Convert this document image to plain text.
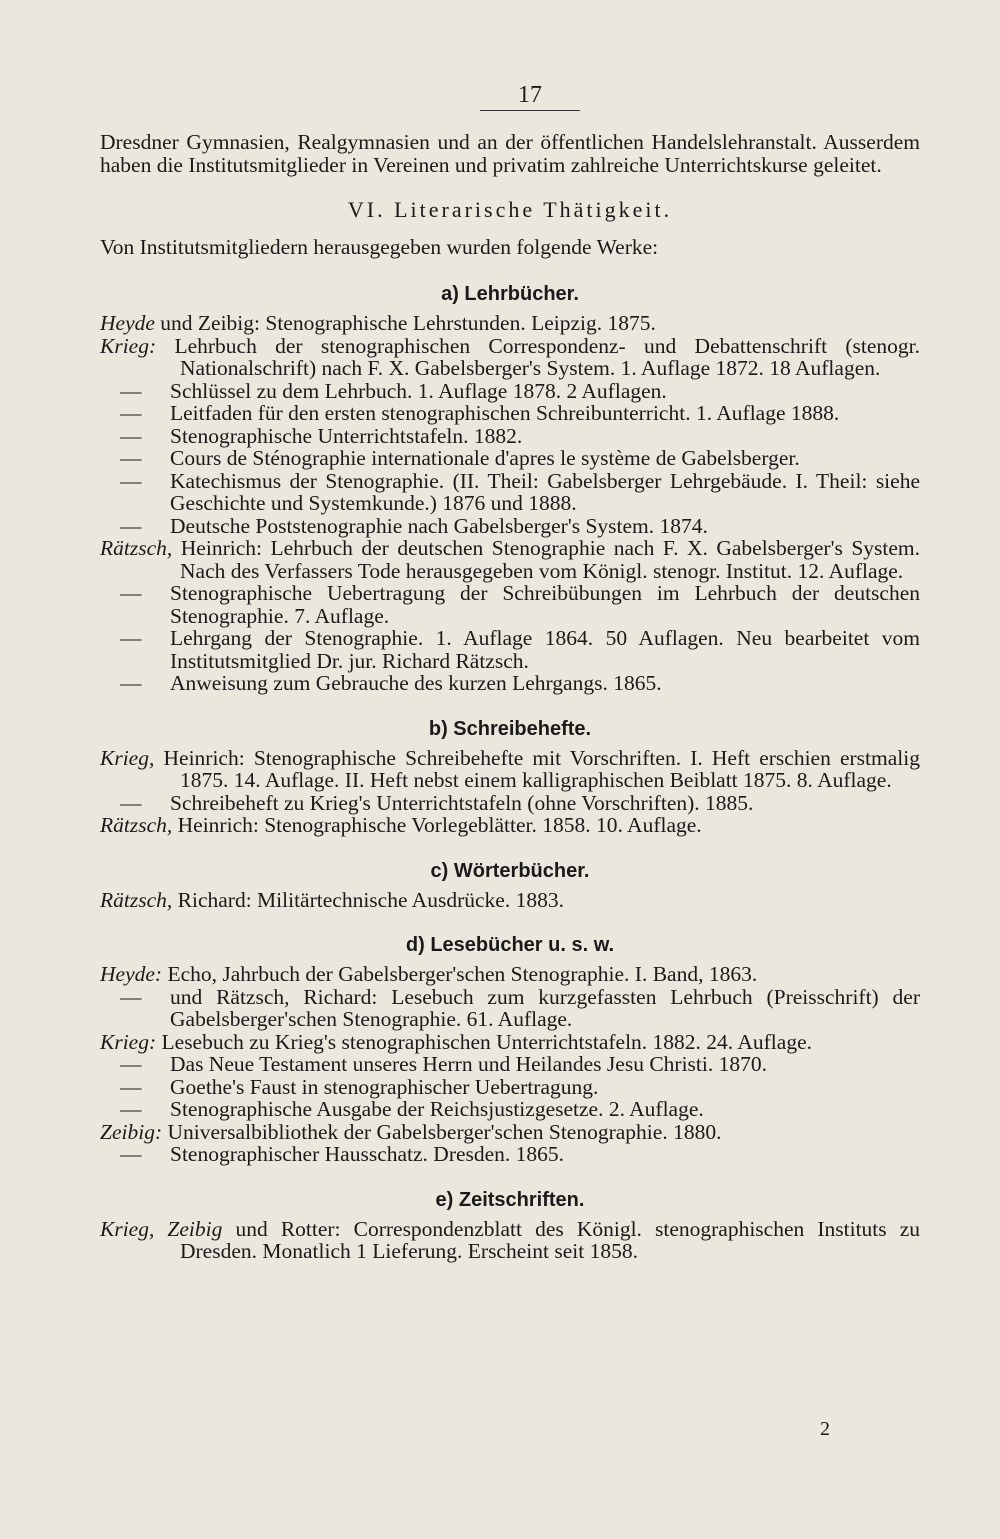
17
Dresdner Gymnasien, Realgymnasien und an der öffentlichen Handelslehranstalt. Ausserdem haben die Institutsmitglieder in Vereinen und privatim zahlreiche Unterrichtskurse geleitet.
VI. Literarische Thätigkeit.
Von Institutsmitgliedern herausgegeben wurden folgende Werke:
a) Lehrbücher.
Heyde und Zeibig: Stenographische Lehrstunden. Leipzig. 1875.
Krieg: Lehrbuch der stenographischen Correspondenz- und Debattenschrift (stenogr. Nationalschrift) nach F. X. Gabelsberger's System. 1. Auflage 1872. 18 Auflagen.
— Schlüssel zu dem Lehrbuch. 1. Auflage 1878. 2 Auflagen.
— Leitfaden für den ersten stenographischen Schreibunterricht. 1. Auflage 1888.
— Stenographische Unterrichtstafeln. 1882.
— Cours de Sténographie internationale d'apres le système de Gabelsberger.
— Katechismus der Stenographie. (II. Theil: Gabelsberger Lehrgebäude. I. Theil: siehe Geschichte und Systemkunde.) 1876 und 1888.
— Deutsche Poststenographie nach Gabelsberger's System. 1874.
Rätzsch, Heinrich: Lehrbuch der deutschen Stenographie nach F. X. Gabelsberger's System. Nach des Verfassers Tode herausgegeben vom Königl. stenogr. Institut. 12. Auflage.
— Stenographische Uebertragung der Schreibübungen im Lehrbuch der deutschen Stenographie. 7. Auflage.
— Lehrgang der Stenographie. 1. Auflage 1864. 50 Auflagen. Neu bearbeitet vom Institutsmitglied Dr. jur. Richard Rätzsch.
— Anweisung zum Gebrauche des kurzen Lehrgangs. 1865.
b) Schreibehefte.
Krieg, Heinrich: Stenographische Schreibehefte mit Vorschriften. I. Heft erschien erstmalig 1875. 14. Auflage. II. Heft nebst einem kalligraphischen Beiblatt 1875. 8. Auflage.
— Schreibeheft zu Krieg's Unterrichtstafeln (ohne Vorschriften). 1885.
Rätzsch, Heinrich: Stenographische Vorlegeblätter. 1858. 10. Auflage.
c) Wörterbücher.
Rätzsch, Richard: Militärtechnische Ausdrücke. 1883.
d) Lesebücher u. s. w.
Heyde: Echo, Jahrbuch der Gabelsberger'schen Stenographie. I. Band, 1863.
— und Rätzsch, Richard: Lesebuch zum kurzgefassten Lehrbuch (Preisschrift) der Gabelsberger'schen Stenographie. 61. Auflage.
Krieg: Lesebuch zu Krieg's stenographischen Unterrichtstafeln. 1882. 24. Auflage.
— Das Neue Testament unseres Herrn und Heilandes Jesu Christi. 1870.
— Goethe's Faust in stenographischer Uebertragung.
— Stenographische Ausgabe der Reichsjustizgesetze. 2. Auflage.
Zeibig: Universalbibliothek der Gabelsberger'schen Stenographie. 1880.
— Stenographischer Hausschatz. Dresden. 1865.
e) Zeitschriften.
Krieg, Zeibig und Rotter: Correspondenzblatt des Königl. stenographischen Instituts zu Dresden. Monatlich 1 Lieferung. Erscheint seit 1858.
2
